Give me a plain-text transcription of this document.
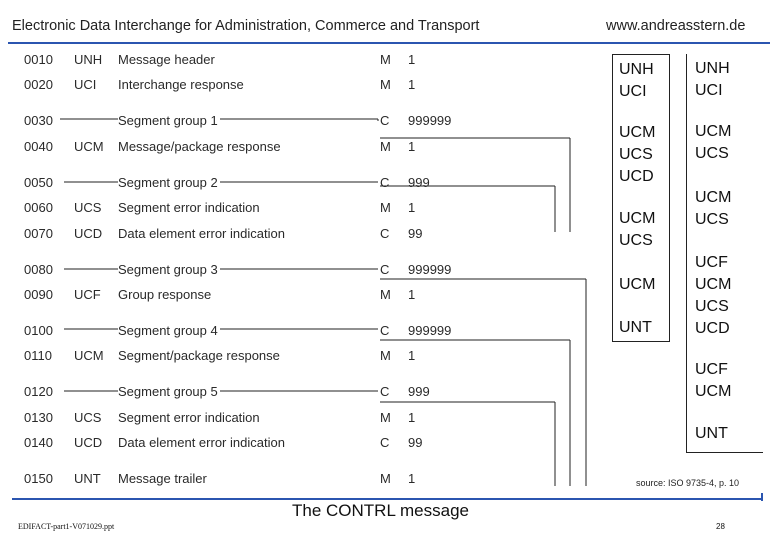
Electronic Data Interchange for Administration, Commerce and Transport	www.andreasstern.de
0010 UNH Message header	M 1
0020 UCI Interchange response	M 1
0030	Segment group 1	C 999999
0040 UCM Message/package response	M 1
0050	Segment group 2	C 999
0060 UCS Segment error indication	M 1
0070 UCD Data element error indication	C 99
0080	Segment group 3	C 999999
0090 UCF Group response	M 1
0100	Segment group 4	C 999999
0110 UCM Segment/package response	M 1
0120	Segment group 5	C 999
0130 UCS Segment error indication	M 1
0140 UCD Data element error indication	C 99
0150 UNT Message trailer	M 1
UNH
UCI
UCM
UCS
UCD
UCM
UCS
UCM
UNT
UNH
UCI
UCM
UCS
UCM
UCS
UCF
UCM
UCS
UCD
UCF
UCM
UNT
source: ISO 9735-4, p. 10
The CONTRL message
EDIFACT-part1-V071029.ppt	28
